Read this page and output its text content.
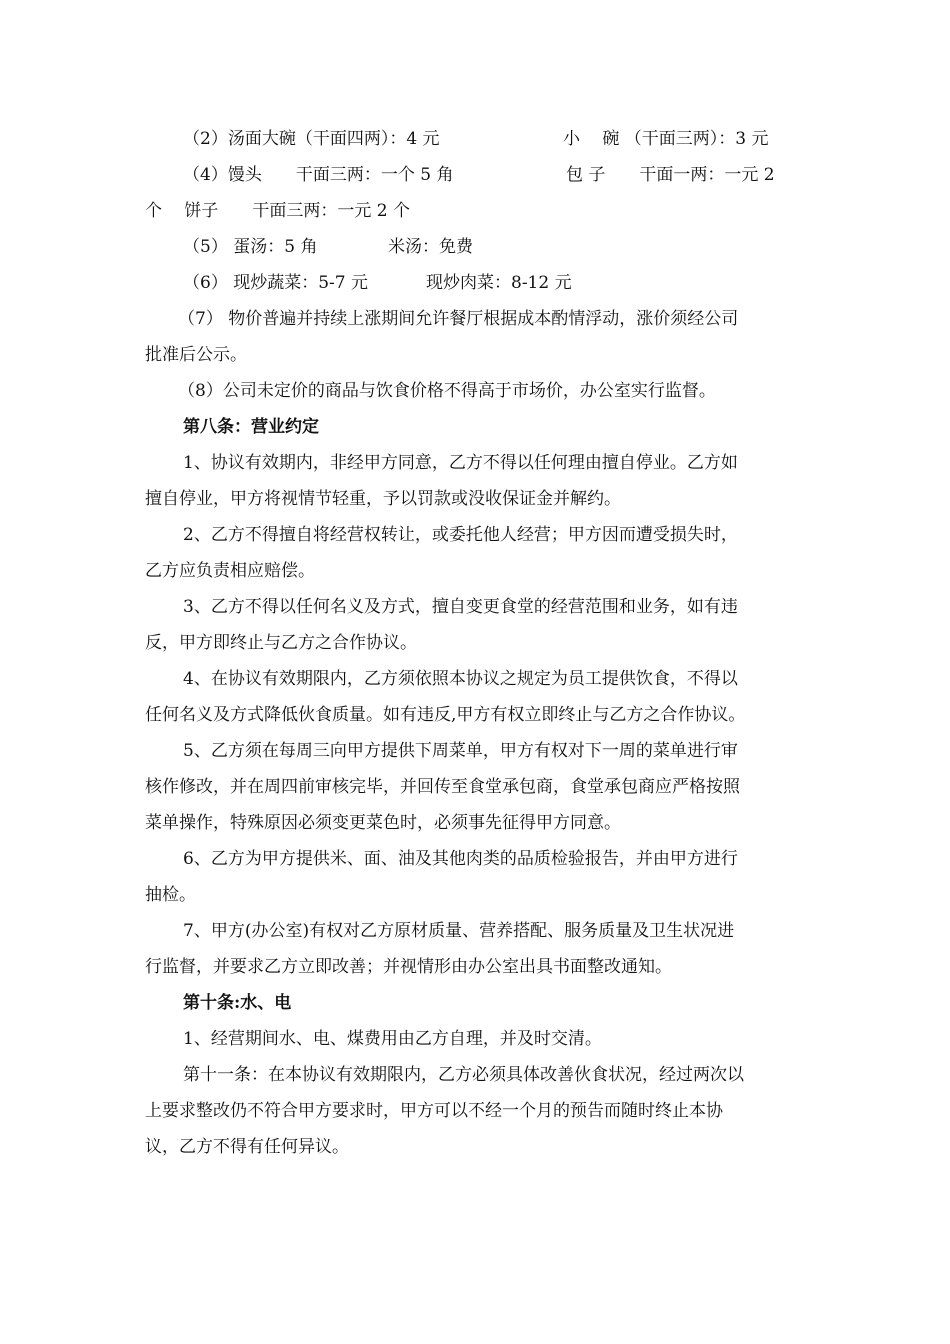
（2）汤面大碗（干面四两）：4 元	小　 碗 （干面三两）：3 元
（4）馒头　　干面三两：一个 5 角	包 子　　干面一两：一元 2
个　 饼子　　干面三两：一元 2 个
（5） 蛋汤：5 角	米汤：免费
（6） 现炒蔬菜：5-7 元	现炒肉菜：8-12 元
（7） 物价普遍并持续上涨期间允许餐厅根据成本酌情浮动，涨价须经公司
批准后公示。
（8）公司未定价的商品与饮食价格不得高于市场价，办公室实行监督。
第八条：营业约定
1、协议有效期内，非经甲方同意，乙方不得以任何理由擅自停业。乙方如
擅自停业，甲方将视情节轻重，予以罚款或没收保证金并解约。
2、乙方不得擅自将经营权转让，或委托他人经营；甲方因而遭受损失时，
乙方应负责相应赔偿。
3、乙方不得以任何名义及方式，擅自变更食堂的经营范围和业务，如有违
反，甲方即终止与乙方之合作协议。
4、在协议有效期限内，乙方须依照本协议之规定为员工提供饮食，不得以
任何名义及方式降低伙食质量。如有违反,甲方有权立即终止与乙方之合作协议。
5、乙方须在每周三向甲方提供下周菜单，甲方有权对下一周的菜单进行审
核作修改，并在周四前审核完毕，并回传至食堂承包商，食堂承包商应严格按照
菜单操作，特殊原因必须变更菜色时，必须事先征得甲方同意。
6、乙方为甲方提供米、面、油及其他肉类的品质检验报告，并由甲方进行
抽检。
7、甲方(办公室)有权对乙方原材质量、营养搭配、服务质量及卫生状况进
行监督，并要求乙方立即改善；并视情形由办公室出具书面整改通知。
第十条:水、电
1、经营期间水、电、煤费用由乙方自理，并及时交清。
第十一条：在本协议有效期限内，乙方必须具体改善伙食状况，经过两次以
上要求整改仍不符合甲方要求时，甲方可以不经一个月的预告而随时终止本协
议，乙方不得有任何异议。
